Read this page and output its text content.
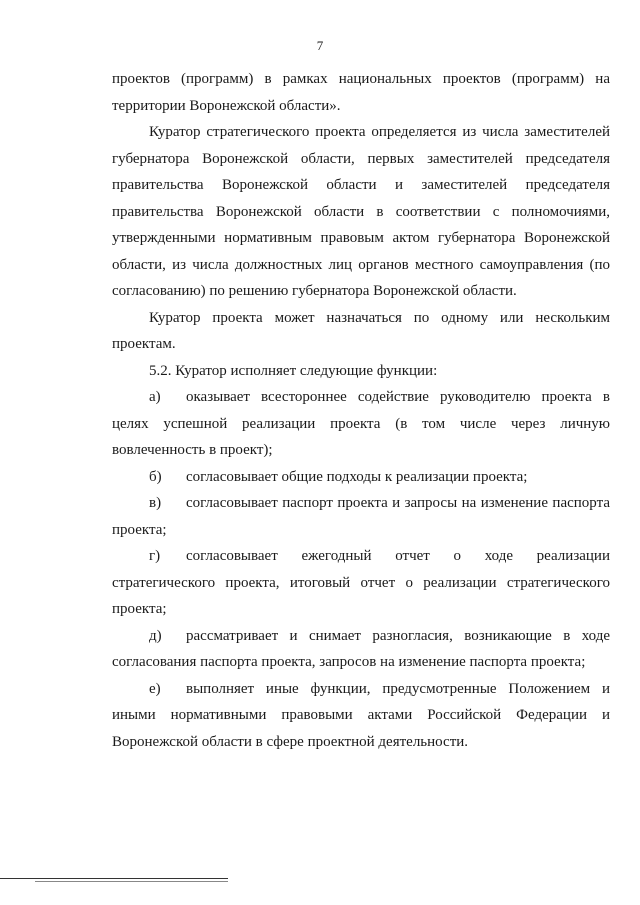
7

проектов (программ) в рамках национальных проектов (программ) на территории Воронежской области».

Куратор стратегического проекта определяется из числа заместителей губернатора Воронежской области, первых заместителей председателя правительства Воронежской области и заместителей председателя правительства Воронежской области в соответствии с полномочиями, утвержденными нормативным правовым актом губернатора Воронежской области, из числа должностных лиц органов местного самоуправления (по согласованию) по решению губернатора Воронежской области.

Куратор проекта может назначаться по одному или нескольким проектам.

5.2. Куратор исполняет следующие функции:

а) оказывает всестороннее содействие руководителю проекта в целях успешной реализации проекта (в том числе через личную вовлеченность в проект);

б) согласовывает общие подходы к реализации проекта;

в) согласовывает паспорт проекта и запросы на изменение паспорта проекта;

г) согласовывает ежегодный отчет о ходе реализации стратегического проекта, итоговый отчет о реализации стратегического проекта;

д) рассматривает и снимает разногласия, возникающие в ходе согласования паспорта проекта, запросов на изменение паспорта проекта;

е) выполняет иные функции, предусмотренные Положением и иными нормативными правовыми актами Российской Федерации и Воронежской области в сфере проектной деятельности.
